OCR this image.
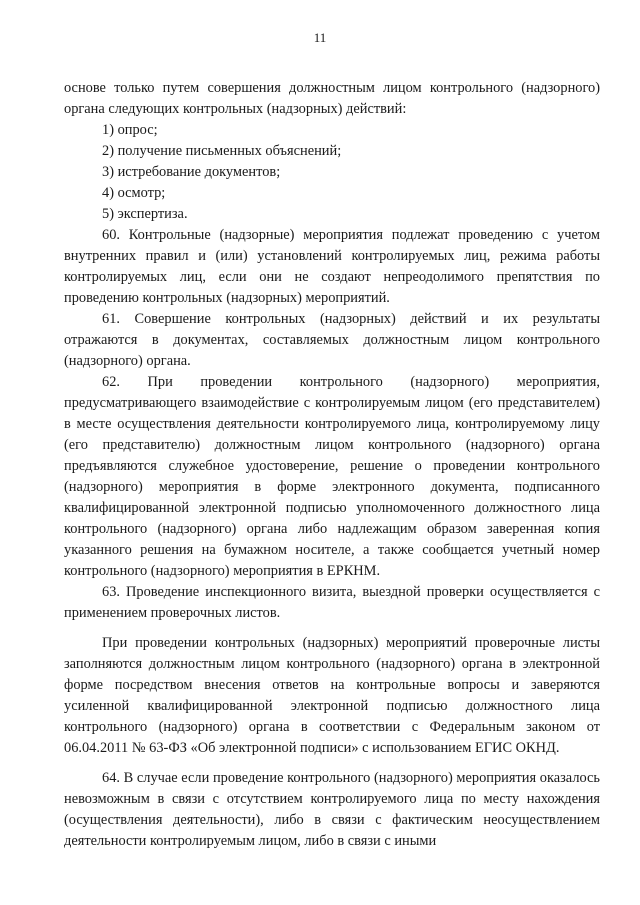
11

основе только путем совершения должностным лицом контрольного (надзорного) органа следующих контрольных (надзорных) действий:

1) опрос;

2) получение письменных объяснений;

3) истребование документов;

4) осмотр;

5) экспертиза.

60. Контрольные (надзорные) мероприятия подлежат проведению с учетом внутренних правил и (или) установлений контролируемых лиц, режима работы контролируемых лиц, если они не создают непреодолимого препятствия по проведению контрольных (надзорных) мероприятий.

61. Совершение контрольных (надзорных) действий и их результаты отражаются в документах, составляемых должностным лицом контрольного (надзорного) органа.

62. При проведении контрольного (надзорного) мероприятия, предусматривающего взаимодействие с контролируемым лицом (его представителем) в месте осуществления деятельности контролируемого лица, контролируемому лицу (его представителю) должностным лицом контрольного (надзорного) органа предъявляются служебное удостоверение, решение о проведении контрольного (надзорного) мероприятия в форме электронного документа, подписанного квалифицированной электронной подписью уполномоченного должностного лица контрольного (надзорного) органа либо надлежащим образом заверенная копия указанного решения на бумажном носителе, а также сообщается учетный номер контрольного (надзорного) мероприятия в ЕРКНМ.

63. Проведение инспекционного визита, выездной проверки осуществляется с применением проверочных листов.

При проведении контрольных (надзорных) мероприятий проверочные листы заполняются должностным лицом контрольного (надзорного) органа в электронной форме посредством внесения ответов на контрольные вопросы и заверяются усиленной квалифицированной электронной подписью должностного лица контрольного (надзорного) органа в соответствии с Федеральным законом от 06.04.2011 № 63-ФЗ «Об электронной подписи» с использованием ЕГИС ОКНД.

64. В случае если проведение контрольного (надзорного) мероприятия оказалось невозможным в связи с отсутствием контролируемого лица по месту нахождения (осуществления деятельности), либо в связи с фактическим неосуществлением деятельности контролируемым лицом, либо в связи с иными
